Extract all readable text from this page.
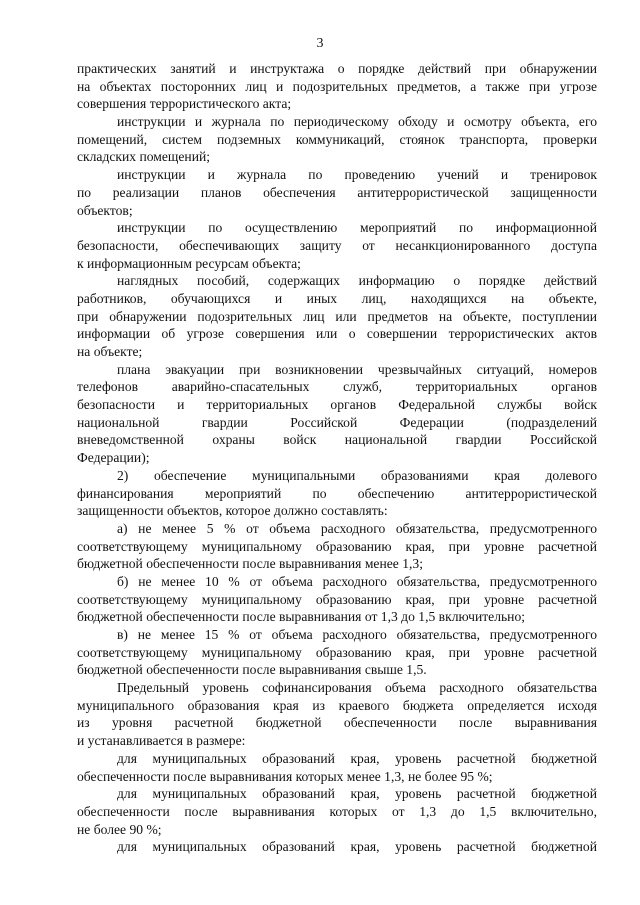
3
практических занятий и инструктажа о порядке действий при обнаружении
на объектах посторонних лиц и подозрительных предметов, а также при угрозе
совершения террористического акта;
инструкции и журнала по периодическому обходу и осмотру объекта, его
помещений, систем подземных коммуникаций, стоянок транспорта, проверки
складских помещений;
инструкции и журнала по проведению учений и тренировок
по реализации планов обеспечения антитеррористической защищенности
объектов;
инструкции по осуществлению мероприятий по информационной
безопасности, обеспечивающих защиту от несанкционированного доступа
к информационным ресурсам объекта;
наглядных пособий, содержащих информацию о порядке действий
работников, обучающихся и иных лиц, находящихся на объекте,
при обнаружении подозрительных лиц или предметов на объекте, поступлении
информации об угрозе совершения или о совершении террористических актов
на объекте;
плана эвакуации при возникновении чрезвычайных ситуаций, номеров
телефонов аварийно-спасательных служб, территориальных органов
безопасности и территориальных органов Федеральной службы войск
национальной гвардии Российской Федерации (подразделений
вневедомственной охраны войск национальной гвардии Российской
Федерации);
2) обеспечение муниципальными образованиями края долевого
финансирования мероприятий по обеспечению антитеррористической
защищенности объектов, которое должно составлять:
а) не менее 5 % от объема расходного обязательства, предусмотренного
соответствующему муниципальному образованию края, при уровне расчетной
бюджетной обеспеченности после выравнивания менее 1,3;
б) не менее 10 % от объема расходного обязательства, предусмотренного
соответствующему муниципальному образованию края, при уровне расчетной
бюджетной обеспеченности после выравнивания от 1,3 до 1,5 включительно;
в) не менее 15 % от объема расходного обязательства, предусмотренного
соответствующему муниципальному образованию края, при уровне расчетной
бюджетной обеспеченности после выравнивания свыше 1,5.
Предельный уровень софинансирования объема расходного обязательства
муниципального образования края из краевого бюджета определяется исходя
из уровня расчетной бюджетной обеспеченности после выравнивания
и устанавливается в размере:
для муниципальных образований края, уровень расчетной бюджетной
обеспеченности после выравнивания которых менее 1,3, не более 95 %;
для муниципальных образований края, уровень расчетной бюджетной
обеспеченности после выравнивания которых от 1,3 до 1,5 включительно,
не более 90 %;
для муниципальных образований края, уровень расчетной бюджетной
